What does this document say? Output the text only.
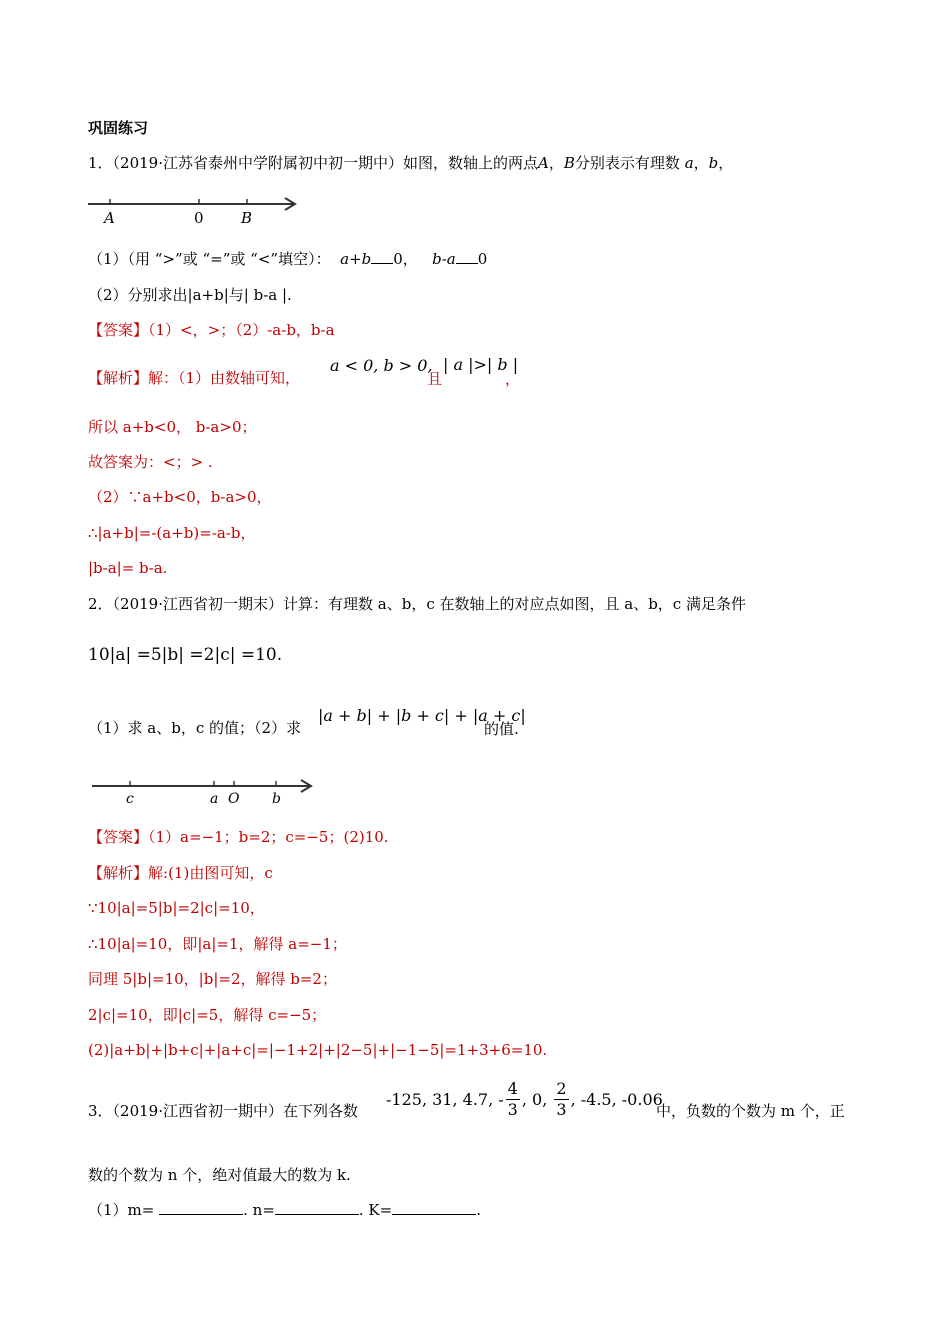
巩固练习
1．（2019·江苏省泰州中学附属初中初一期中）如图，数轴上的两点A，B分别表示有理数 a，b，
A	0 B
（1）（用 “>”或 “=”或 “<”填空）： a+b 0， b-a 0
（2）分别求出|a+b|与| b-a |.
【答案】（1）<，>；（2）-a-b，b-a
【解析】解：（1）由数轴可知，
a < 0, b > 0,
且
| a |>| b |
，
所以 a+b<0， b-a>0；
故答案为：<；> .
（2）∵a+b<0，b-a>0，
∴|a+b|=-(a+b)=-a-b，
|b-a|= b-a.
2．（2019·江西省初一期末）计算：有理数 a、b，c 在数轴上的对应点如图，且 a、b，c 满足条件
10|a| =5|b| =2|c| =10.
（1）求 a、b，c 的值；（2）求
|a + b| + |b + c| + |a + c|
的值.
c	a O b
【答案】（1）a=−1；b=2；c=−5；(2)10.
【解析】解:(1)由图可知，c
∵10|a|=5|b|=2|c|=10，
∴10|a|=10，即|a|=1，解得 a=−1；
同理 5|b|=10，|b|=2，解得 b=2；
2|c|=10，即|c|=5，解得 c=−5；
(2)|a+b|+|b+c|+|a+c|=|−1+2|+|2−5|+|−1−5|=1+3+6=10.
3．（2019·江西省初一期中）在下列各数
-125, 31, 4.7, - $\frac{4}{3}$ , 0,
$\frac{2}{3}$ , -4.5, -0.06
中，负数的个数为 m 个，正
数的个数为 n 个，绝对值最大的数为 k.
（1）m=	. n=	. K=	.
